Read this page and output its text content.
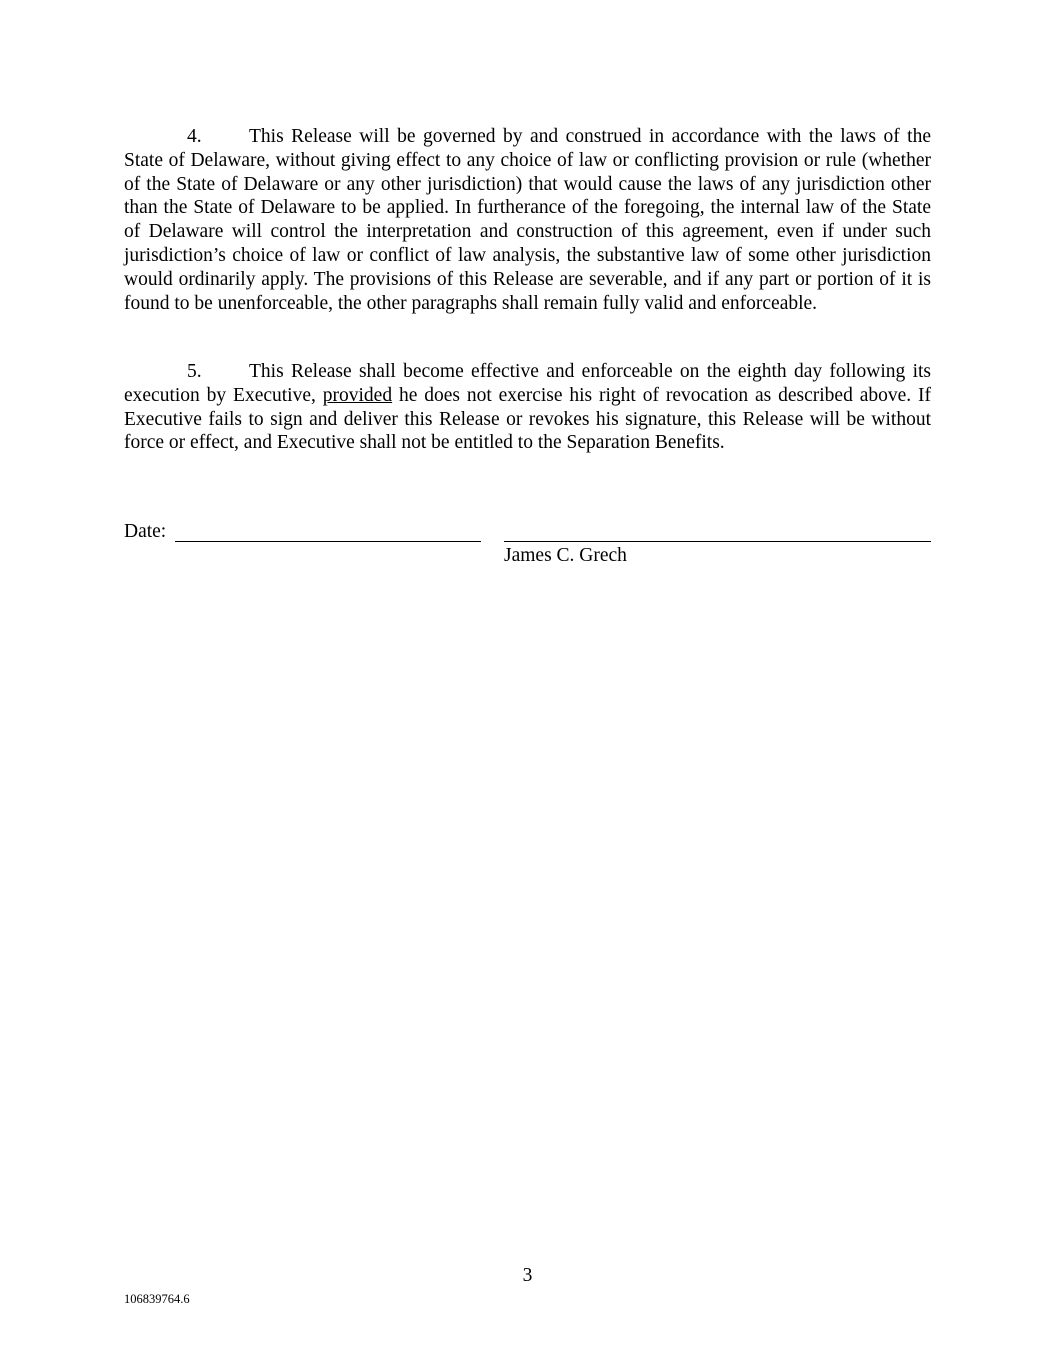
4. This Release will be governed by and construed in accordance with the laws of the State of Delaware, without giving effect to any choice of law or conflicting provision or rule (whether of the State of Delaware or any other jurisdiction) that would cause the laws of any jurisdiction other than the State of Delaware to be applied. In furtherance of the foregoing, the internal law of the State of Delaware will control the interpretation and construction of this agreement, even if under such jurisdiction’s choice of law or conflict of law analysis, the substantive law of some other jurisdiction would ordinarily apply. The provisions of this Release are severable, and if any part or portion of it is found to be unenforceable, the other paragraphs shall remain fully valid and enforceable.

5. This Release shall become effective and enforceable on the eighth day following its execution by Executive, provided he does not exercise his right of revocation as described above. If Executive fails to sign and deliver this Release or revokes his signature, this Release will be without force or effect, and Executive shall not be entitled to the Separation Benefits.

Date:
James C. Grech
3
106839764.6
